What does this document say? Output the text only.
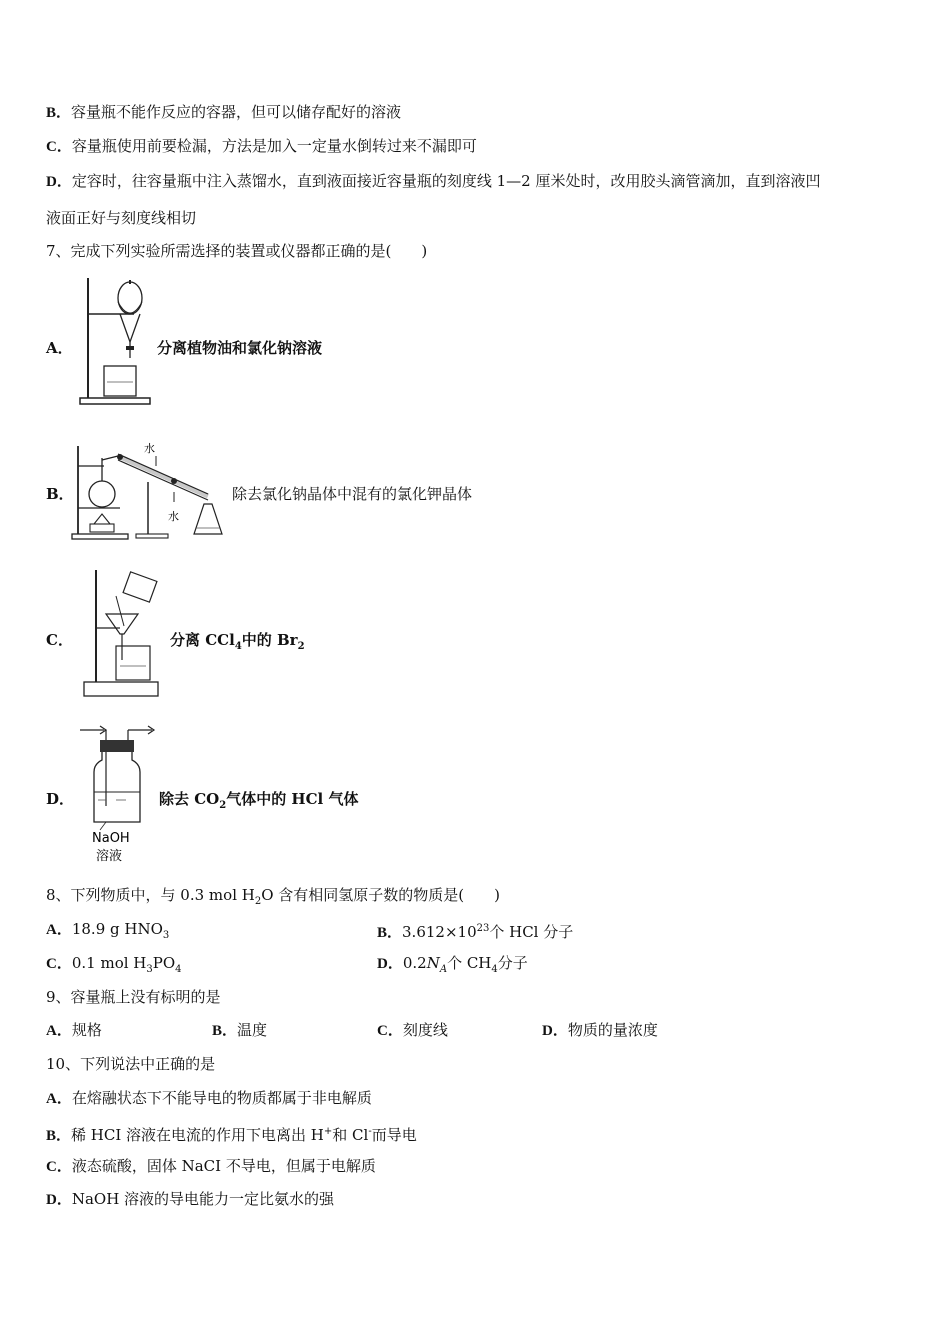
B．容量瓶不能作反应的容器，但可以储存配好的溶液
C．容量瓶使用前要检漏，方法是加入一定量水倒转过来不漏即可
D．定容时，往容量瓶中注入蒸馏水，直到液面接近容量瓶的刻度线 1—2 厘米处时，改用胶头滴管滴加，直到溶液凹
液面正好与刻度线相切
7、完成下列实验所需选择的装置或仪器都正确的是(　　)
A．	分离植物油和氯化钠溶液
B．
水
水
除去氯化钠晶体中混有的氯化钾晶体
C．	分离 CCl$_4$中的 $Br_2$
D．
NaOH
溶液
除去 $CO_2$气体中的 HCl 气体
8、下列物质中，与 0.3 mol $H_2O$ 含有相同氢原子数的物质是(　　)
A．18.9 g $HNO_3$	B．$3.612\times 10^{23}$个 HCl 分子
C．0.1 mol $H_3PO_4$	D．$0.2N_A$个 $CH_4$分子
9、容量瓶上没有标明的是
A．规格	B．温度	C．刻度线	D．物质的量浓度
10、下列说法中正确的是
A．在熔融状态下不能导电的物质都属于非电解质
B．稀 HCI 溶液在电流的作用下电离出 H+和 Cl-而导电
C．液态硫酸，固体 NaCI 不导电，但属于电解质
D．NaOH 溶液的导电能力一定比氨水的强
